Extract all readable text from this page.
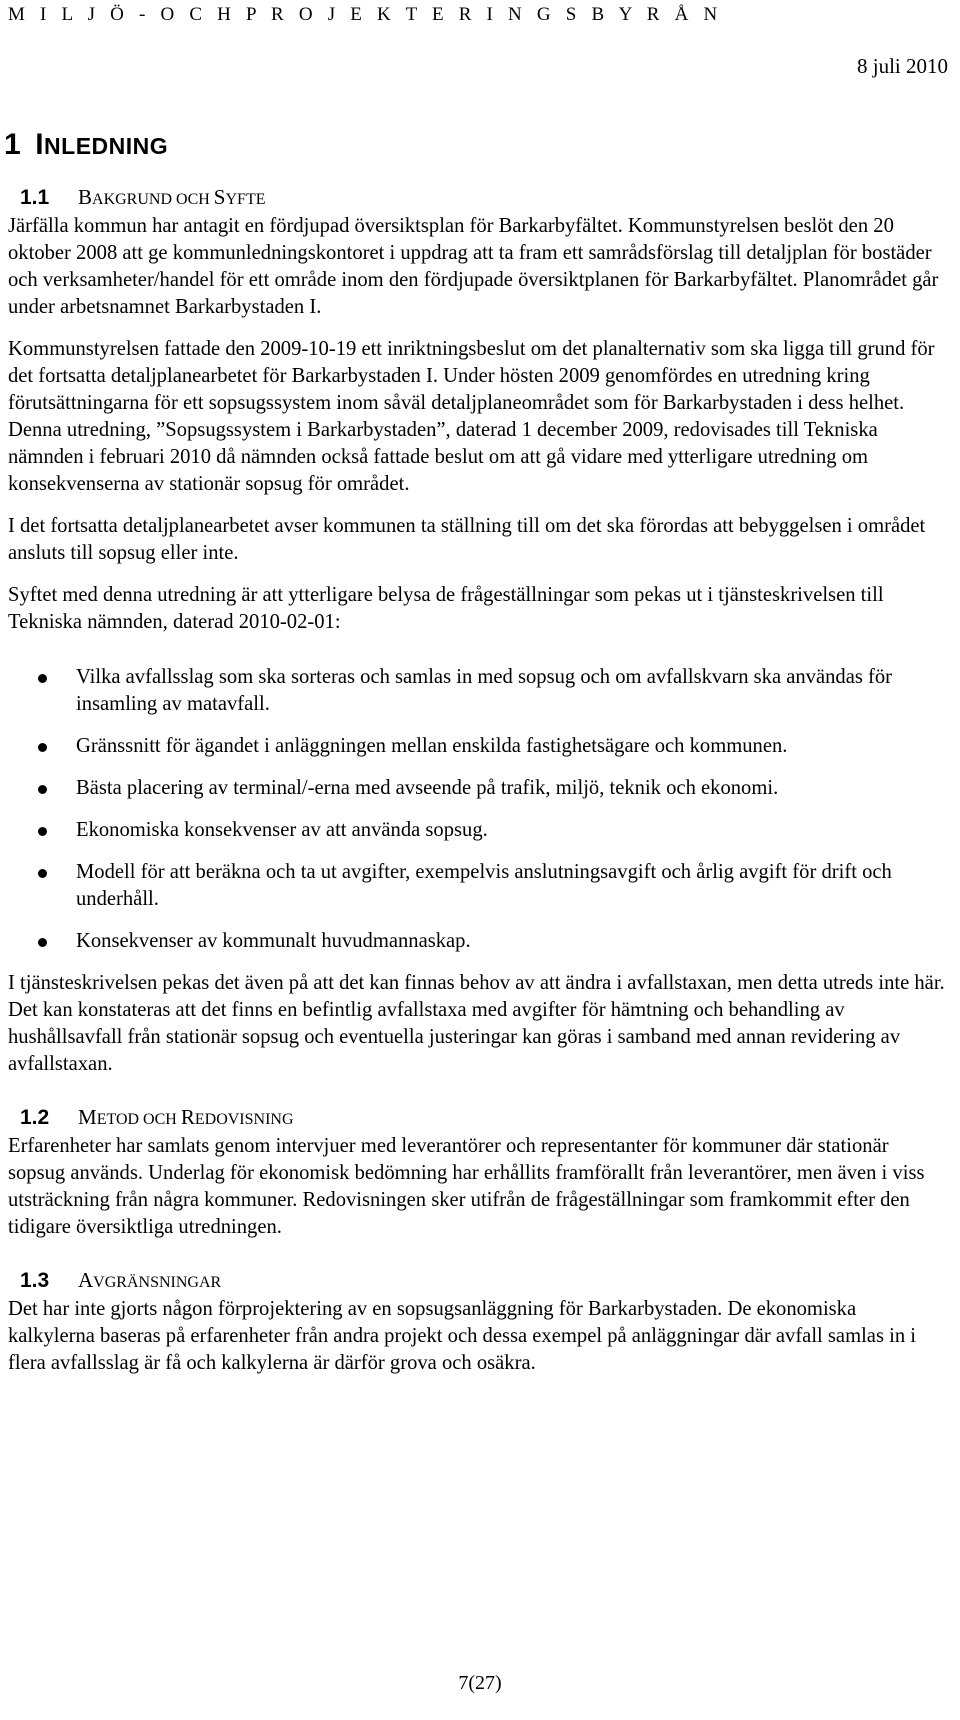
M I L J Ö - O C H P R O J E K T E R I N G S B Y R Å N
8 juli 2010
1 INLEDNING
1.1 BAKGRUND OCH SYFTE

Järfälla kommun har antagit en fördjupad översiktsplan för Barkarbyfältet. Kommunstyrelsen beslöt den 20 oktober 2008 att ge kommunledningskontoret i uppdrag att ta fram ett samrådsförslag till detaljplan för bostäder och verksamheter/handel för ett område inom den fördjupade översiktplanen för Barkarbyfältet. Planområdet går under arbetsnamnet Barkarbystaden I.

Kommunstyrelsen fattade den 2009-10-19 ett inriktningsbeslut om det planalternativ som ska ligga till grund för det fortsatta detaljplanearbetet för Barkarbystaden I. Under hösten 2009 genomfördes en utredning kring förutsättningarna för ett sopsugssystem inom såväl detaljplaneområdet som för Barkarbystaden i dess helhet. Denna utredning, ”Sopsugssystem i Barkarbystaden”, daterad 1 december 2009, redovisades till Tekniska nämnden i februari 2010 då nämnden också fattade beslut om att gå vidare med ytterligare utredning om konsekvenserna av stationär sopsug för området.

I det fortsatta detaljplanearbetet avser kommunen ta ställning till om det ska förordas att bebyggelsen i området ansluts till sopsug eller inte.

Syftet med denna utredning är att ytterligare belysa de frågeställningar som pekas ut i tjänsteskrivelsen till Tekniska nämnden, daterad 2010-02-01:

Vilka avfallsslag som ska sorteras och samlas in med sopsug och om avfallskvarn ska användas för insamling av matavfall.
Gränssnitt för ägandet i anläggningen mellan enskilda fastighetsägare och kommunen.
Bästa placering av terminal/-erna med avseende på trafik, miljö, teknik och ekonomi.
Ekonomiska konsekvenser av att använda sopsug.
Modell för att beräkna och ta ut avgifter, exempelvis anslutningsavgift och årlig avgift för drift och underhåll.
Konsekvenser av kommunalt huvudmannaskap.

I tjänsteskrivelsen pekas det även på att det kan finnas behov av att ändra i avfallstaxan, men detta utreds inte här. Det kan konstateras att det finns en befintlig avfallstaxa med avgifter för hämtning och behandling av hushållsavfall från stationär sopsug och eventuella justeringar kan göras i samband med annan revidering av avfallstaxan.

1.2 METOD OCH REDOVISNING

Erfarenheter har samlats genom intervjuer med leverantörer och representanter för kommuner där stationär sopsug används. Underlag för ekonomisk bedömning har erhållits framförallt från leverantörer, men även i viss utsträckning från några kommuner. Redovisningen sker utifrån de frågeställningar som framkommit efter den tidigare översiktliga utredningen.

1.3 AVGRÄNSNINGAR

Det har inte gjorts någon förprojektering av en sopsugsanläggning för Barkarbystaden. De ekonomiska kalkylerna baseras på erfarenheter från andra projekt och dessa exempel på anläggningar där avfall samlas in i flera avfallsslag är få och kalkylerna är därför grova och osäkra.

7(27)
